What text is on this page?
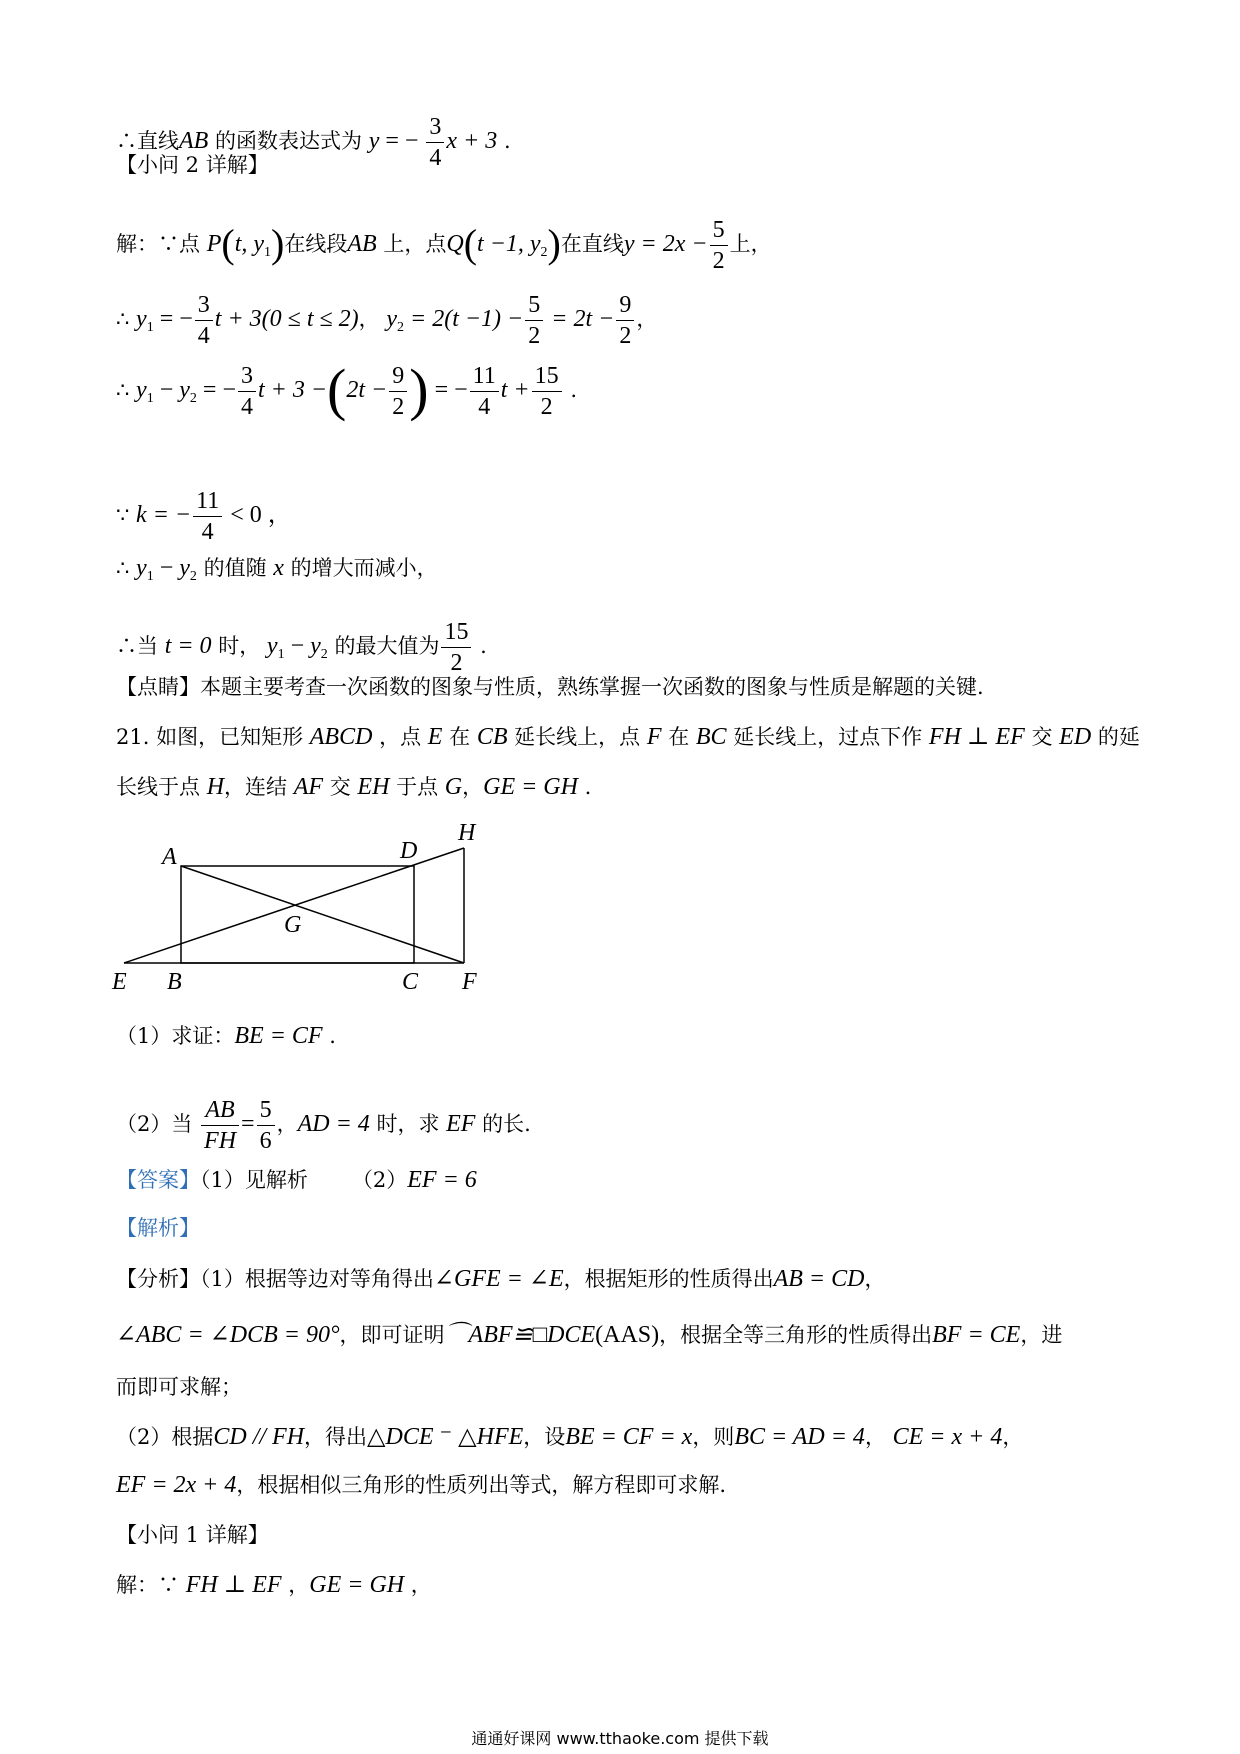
∴直线AB 的函数表达式为 y = − $\frac{3}{4}$ x + 3 .
【小问 2 详解】
解：∵点 P(t, $y_1$)在线段AB 上，点Q(t −1, $y_2$)在直线$y = 2x - \frac{5}{2}$ 上，
∴ $y_1$ = − $\frac{3}{4}$ t + 3(0 ≤ t ≤ 2)， $y_2 = 2(t -1) - \frac{5}{2} = 2t - \frac{9}{2}$ ，
∴ $y_1 - y_2$ = − $\frac{3}{4}$ $t + 3 -(2t - \frac{9}{2}$ ) = − $\frac{11}{4}$ $t + \frac{15}{2}$ .
∵ k = − $\frac{11}{4} < 0$ ，
∴ $y_1 - y_2$ 的值随 x 的增大而减小，
∴当 t = 0 时， $y_1 - y_2$ 的最大值为 $\frac{15}{2}$ .
【点睛】本题主要考查一次函数的图象与性质，熟练掌握一次函数的图象与性质是解题的关键.
21. 如图，已知矩形 ABCD ，点 E 在 CB 延长线上，点 F 在 BC 延长线上，过点下作 FH ⊥ EF 交 ED 的延
长线于点 H，连结 AF 交 EH 于点 G，GE = GH .
A	D
H
G
E B	C F
（1）求证：BE = CF .
（2）当 $\frac{AB}{FH} = \frac{5}{6}$ ，AD = 4 时，求 EF 的长.
【答案】（1）见解析 （2）EF = 6
【解析】
【分析】（1）根据等边对等角得出∠GFE = ∠E，根据矩形的性质得出AB = CD，
∠ABC = ∠DCB = 90°，即可证明⌒ABF≌□DCE(AAS)，根据全等三角形的性质得出BF = CE，进
而即可求解；
（2）根据CD // FH，得出△DCE ⁻ △HFE，设BE = CF = x，则BC = AD = 4， CE = x + 4，
EF = 2x + 4，根据相似三角形的性质列出等式，解方程即可求解.
【小问 1 详解】
解：∵ FH ⊥ EF ，GE = GH ，
通通好课网 www.tthaoke.com 提供下载
